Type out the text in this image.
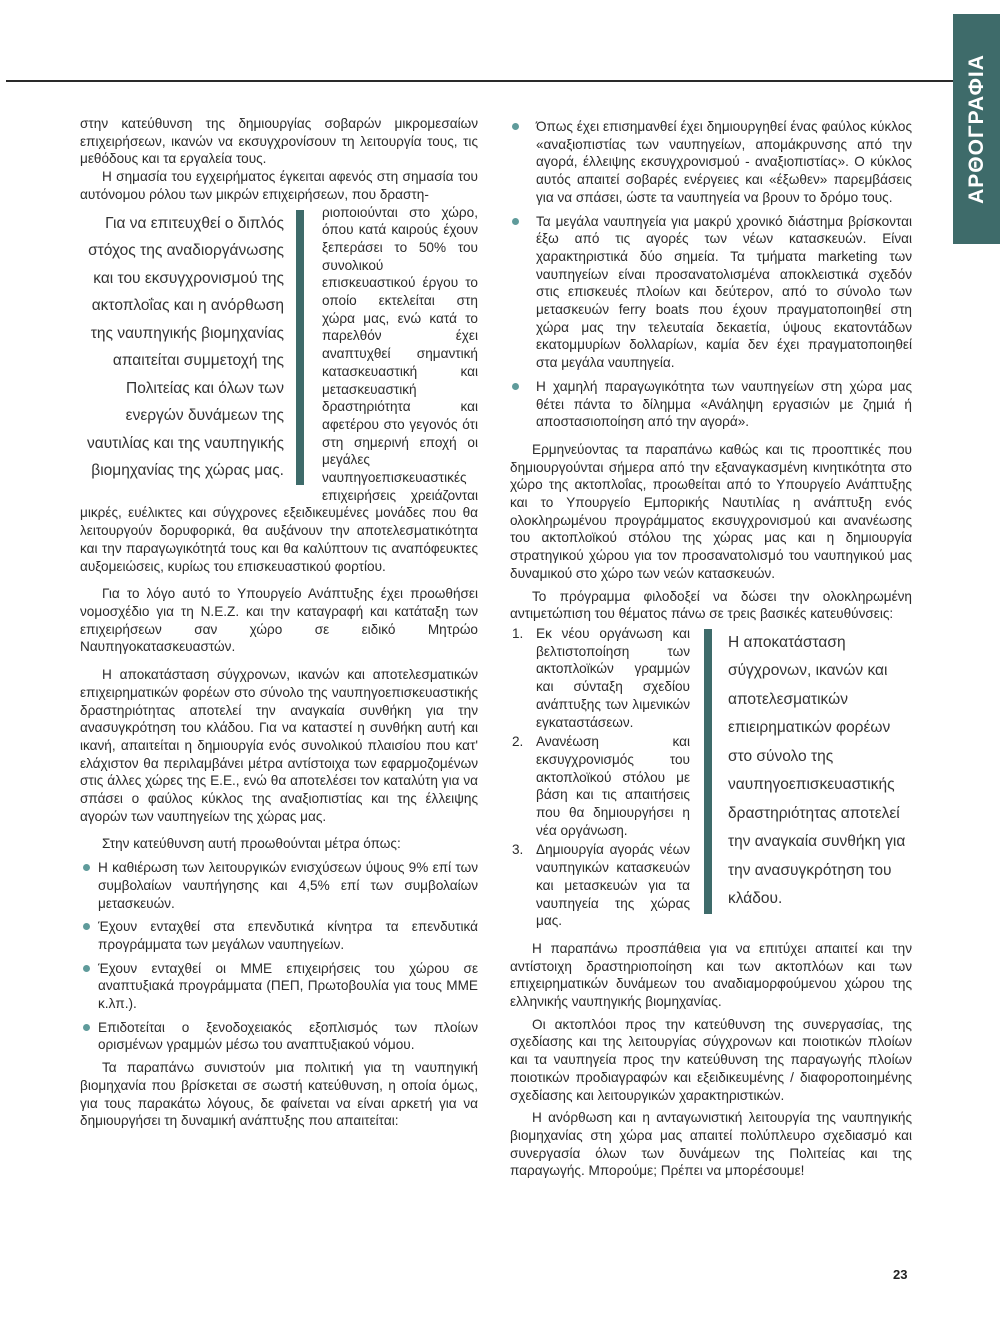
ΑΡΘΟΓΡΑΦΙΑ

στην κατεύθυνση της δημιουργίας σοβαρών μικρομεσαίων επιχειρήσεων, ικανών να εκσυγχρονίσουν τη λειτουργία τους, τις μεθόδους και τα εργαλεία τους.

Η σημασία του εγχειρήματος έγκειται αφενός στη σημασία του αυτόνομου ρόλου των μικρών επιχειρήσεων, που δραστη-

Για να επιτευχθεί ο διπλός στόχος της αναδιοργάνωσης και του εκσυγχρονισμού της ακτοπλοΐας και η ανόρθωση της ναυπηγικής βιομηχανίας απαιτείται συμμετοχή της Πολιτείας και όλων των ενεργών δυνάμεων της ναυτιλίας και της ναυπηγικής βιομηχανίας της χώρας μας.

ριοποιούνται στο χώρο, όπου κατά καιρούς έχουν ξεπεράσει το 50% του συνολικού επισκευαστικού έργου το οποίο εκτελείται στη χώρα μας, ενώ κατά το παρελθόν έχει αναπτυχθεί σημαντική κατασκευαστική και μετασκευαστική δραστηριότητα και αφετέρου στο γεγονός ότι στη σημερινή εποχή οι μεγάλες ναυπηγοεπισκευαστικές επιχειρήσεις χρειάζονται μικρές, ευέλικτες και σύγχρονες εξειδικευμένες μονάδες που θα λειτουργούν δορυφορικά, θα αυξάνουν την αποτελεσματικότητα και την παραγωγικότητά τους και θα καλύπτουν τις αναπόφευκτες αυξομειώσεις, κυρίως του επισκευαστικού φορτίου.

Για το λόγο αυτό το Υπουργείο Ανάπτυξης έχει προωθήσει νομοσχέδιο για τη Ν.Ε.Ζ. και την καταγραφή και κατάταξη των επιχειρήσεων σαν χώρο σε ειδικό Μητρώο Ναυπηγοκατασκευαστών.

Η αποκατάσταση σύγχρονων, ικανών και αποτελεσματικών επιχειρηματικών φορέων στο σύνολο της ναυπηγοεπισκευαστικής δραστηριότητας αποτελεί την αναγκαία συνθήκη για την ανασυγκρότηση του κλάδου. Για να καταστεί η συνθήκη αυτή και ικανή, απαιτείται η δημιουργία ενός συνολικού πλαισίου που κατ' ελάχιστον θα περιλαμβάνει μέτρα αντίστοιχα των εφαρμοζομένων στις άλλες χώρες της Ε.Ε., ενώ θα αποτελέσει τον καταλύτη για να σπάσει ο φαύλος κύκλος της αναξιοπιστίας και της έλλειψης αγορών των ναυπηγείων της χώρας μας.

Στην κατεύθυνση αυτή προωθούνται μέτρα όπως:

Η καθιέρωση των λειτουργικών ενισχύσεων ύψους 9% επί των συμβολαίων ναυπήγησης και 4,5% επί των συμβολαίων μετασκευών.
Έχουν ενταχθεί στα επενδυτικά κίνητρα τα επενδυτικά προγράμματα των μεγάλων ναυπηγείων.
Έχουν ενταχθεί οι ΜΜΕ επιχειρήσεις του χώρου σε αναπτυξιακά προγράμματα (ΠΕΠ, Πρωτοβουλία για τους ΜΜΕ κ.λπ.).
Επιδοτείται ο ξενοδοχειακός εξοπλισμός των πλοίων ορισμένων γραμμών μέσω του αναπτυξιακού νόμου.

Τα παραπάνω συνιστούν μια πολιτική για τη ναυπηγική βιομηχανία που βρίσκεται σε σωστή κατεύθυνση, η οποία όμως, για τους παρακάτω λόγους, δε φαίνεται να είναι αρκετή για να δημιουργήσει τη δυναμική ανάπτυξης που απαιτείται:

Όπως έχει επισημανθεί έχει δημιουργηθεί ένας φαύλος κύκλος «αναξιοπιστίας των ναυπηγείων, απομάκρυνσης από την αγορά, έλλειψης εκσυγχρονισμού - αναξιοπιστίας». Ο κύκλος αυτός απαιτεί σοβαρές ενέργειες και «έξωθεν» παρεμβάσεις για να σπάσει, ώστε τα ναυπηγεία να βρουν το δρόμο τους.
Τα μεγάλα ναυπηγεία για μακρύ χρονικό διάστημα βρίσκονται έξω από τις αγορές των νέων κατασκευών. Είναι χαρακτηριστικά δύο σημεία. Τα τμήματα marketing των ναυπηγείων είναι προσανατολισμένα αποκλειστικά σχεδόν στις επισκευές πλοίων και δεύτερον, από το σύνολο των μετασκευών ferry boats που έχουν πραγματοποιηθεί στη χώρα μας την τελευταία δεκαετία, ύψους εκατοντάδων εκατομμυρίων δολλαρίων, καμία δεν έχει πραγματοποιηθεί στα μεγάλα ναυπηγεία.
Η χαμηλή παραγωγικότητα των ναυπηγείων στη χώρα μας θέτει πάντα το δίλημμα «Ανάληψη εργασιών με ζημιά ή αποστασιοποίηση από την αγορά».

Ερμηνεύοντας τα παραπάνω καθώς και τις προοπτικές που δημιουργούνται σήμερα από την εξαναγκασμένη κινητικότητα στο χώρο της ακτοπλοΐας, προωθείται από το Υπουργείο Ανάπτυξης και το Υπουργείο Εμπορικής Ναυτιλίας η ανάπτυξη ενός ολοκληρωμένου προγράμματος εκσυγχρονισμού και ανανέωσης του ακτοπλοϊκού στόλου της χώρας μας και η δημιουργία στρατηγικού χώρου για τον προσανατολισμό του ναυπηγικού μας δυναμικού στο χώρο των νεών κατασκευών.

Το πρόγραμμα φιλοδοξεί να δώσει την ολοκληρωμένη αντιμετώπιση του θέματος πάνω σε τρεις βασικές κατευθύνσεις:

Η αποκατάσταση σύγχρονων, ικανών και αποτελεσματικών επιειρηματικών φορέων στο σύνολο της ναυπηγοεπισκευαστικής δραστηριότητας αποτελεί την αναγκαία συνθήκη για την ανασυγκρότηση του κλάδου.
1. Εκ νέου οργάνωση και βελτιστοποίηση των ακτοπλοϊκών γραμμών και σύνταξη σχεδίου ανάπτυξης των λιμενικών εγκαταστάσεων.
2. Ανανέωση και εκσυγχρονισμός του ακτοπλοϊκού στόλου με βάση και τις απαιτήσεις που θα δημιουργήσει η νέα οργάνωση.
3. Δημιουργία αγοράς νέων ναυπηγικών κατασκευών και μετασκευών για τα ναυπηγεία της χώρας μας.

Η παραπάνω προσπάθεια για να επιτύχει απαιτεί και την αντίστοιχη δραστηριοποίηση και των ακτοπλόων και των επιχειρηματικών δυνάμεων του αναδιαμορφούμενου χώρου της ελληνικής ναυπηγικής βιομηχανίας.

Οι ακτοπλόοι προς την κατεύθυνση της συνεργασίας, της σχεδίασης και της λειτουργίας σύγχρονων και ποιοτικών πλοίων και τα ναυπηγεία προς την κατεύθυνση της παραγωγής πλοίων ποιοτικών προδιαγραφών και εξειδικευμένης / διαφοροποιημένης σχεδίασης και λειτουργικών χαρακτηριστικών.

Η ανόρθωση και η ανταγωνιστική λειτουργία της ναυπηγικής βιομηχανίας στη χώρα μας απαιτεί πολύπλευρο σχεδιασμό και συνεργασία όλων των δυνάμεων της Πολιτείας και της παραγωγής. Μπορούμε; Πρέπει να μπορέσουμε!

23
